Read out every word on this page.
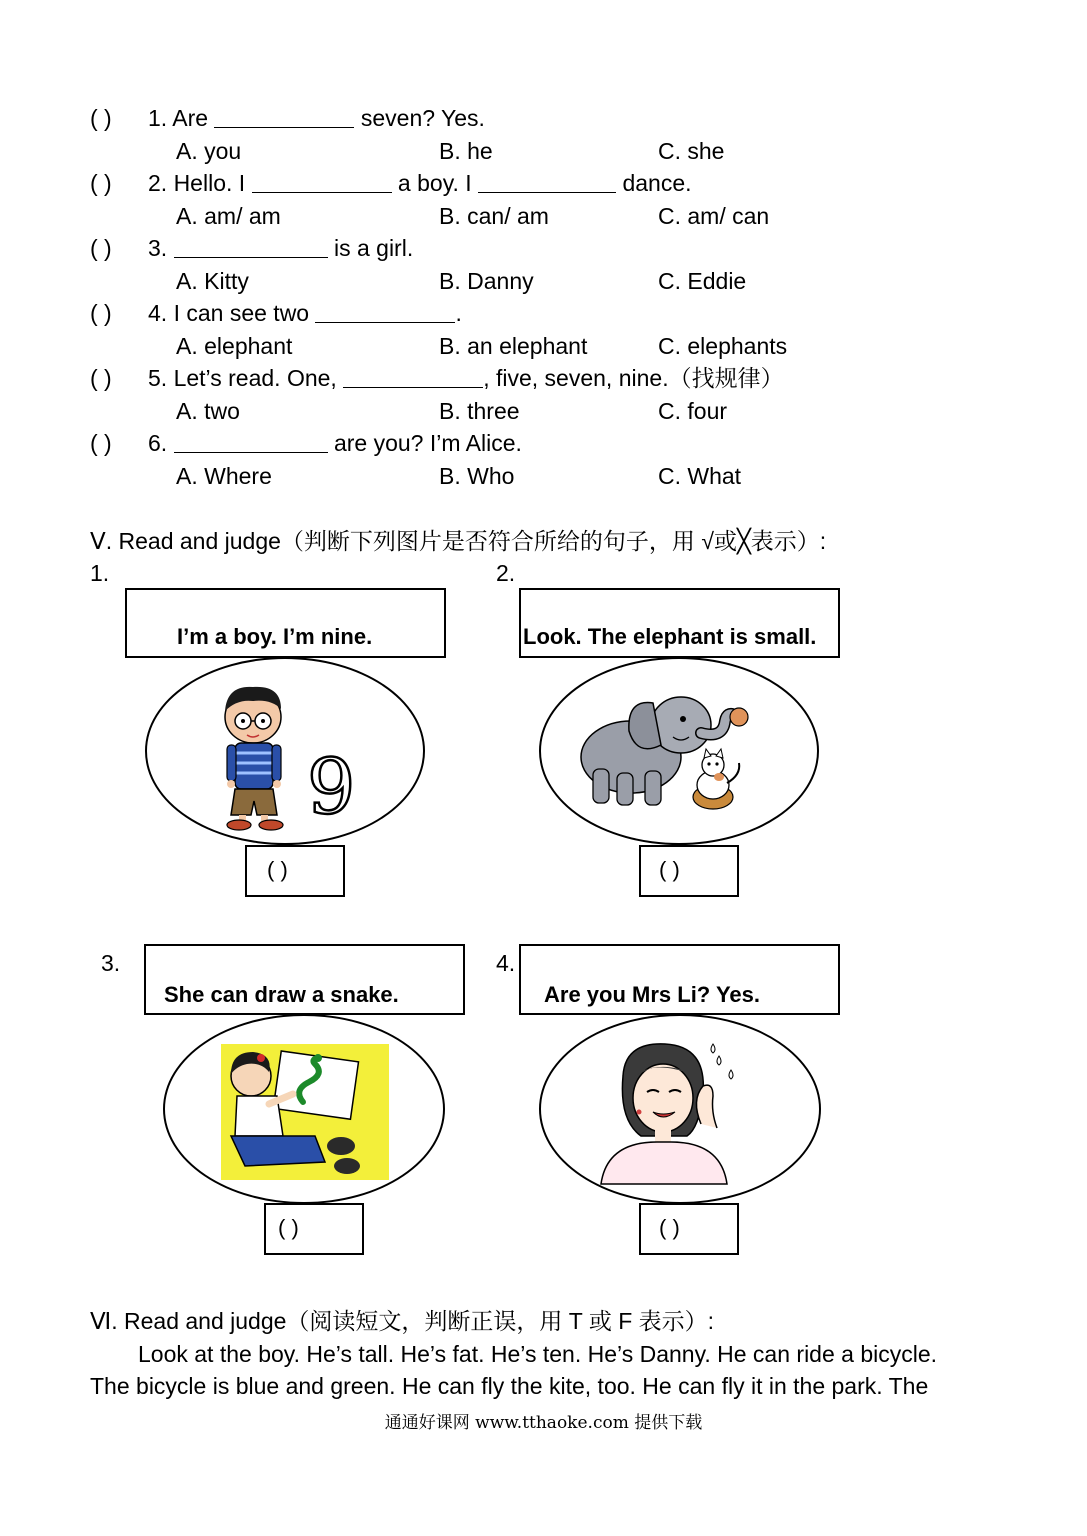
( ) 1. Are	seven? Yes.
A. you	B. he	C. she
( ) 2. Hello. I	a boy. I	dance.
A. am/ am	B. can/ am	C. am/ can
( ) 3.	is a girl.
A. Kitty	B. Danny	C. Eddie
( ) 4. I can see two	.
A. elephant	B. an elephant	C. elephants
( ) 5. Let’s read. One,	, five, seven, nine.（找规律）
A. two	B. three	C. four
( ) 6.	are you? I’m Alice.
A. Where	B. Who	C. What
Ⅴ. Read and judge（判断下列图片是否符合所给的句子，用 √或╳表示）:
1.
I’m a boy. I’m nine.
9
( )
2.
Look. The elephant is small.
( )
3.
She can draw a snake.
( )
4.
Are you Mrs Li? Yes.
( )
Ⅵ. Read and judge（阅读短文，判断正误，用 T 或 F 表示）:
Look at the boy. He’s tall. He’s fat. He’s ten. He’s Danny. He can ride a bicycle.
The bicycle is blue and green. He can fly the kite, too. He can fly it in the park. The
通通好课网 www.tthaoke.com 提供下载
